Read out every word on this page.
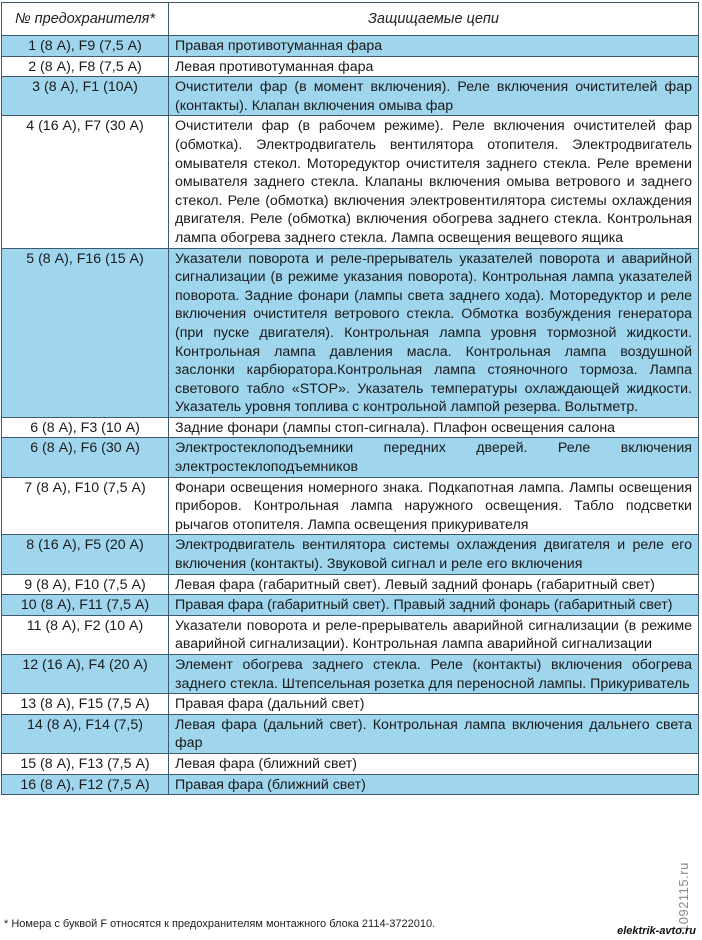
№ предохранителя*	Защищаемые цепи
1 (8 А), F9 (7,5 А)	Правая противотуманная фара
2 (8 А), F8 (7,5 А)	Левая противотуманная фара
3 (8 А), F1 (10А)	Очистители фар (в момент включения). Реле включения очистителей фар (контакты). Клапан включения омыва фар
4 (16 А), F7 (30 А)	Очистители фар (в рабочем режиме). Реле включения очистителей фар (обмотка). Электродвигатель вентилятора отопителя. Электродвигатель омывателя стекол. Моторедуктор очистителя заднего стекла. Реле времени омывателя заднего стекла. Клапаны включения омыва ветрового и заднего стекол. Реле (обмотка) включения электровентилятора системы охлаждения двигателя. Реле (обмотка) включения обогрева заднего стекла. Контрольная лампа обогрева заднего стекла. Лампа освещения вещевого ящика
5 (8 А), F16 (15 А)	Указатели поворота и реле-прерыватель указателей поворота и аварийной сигнализации (в режиме указания поворота). Контрольная лампа указателей поворота. Задние фонари (лампы света заднего хода). Моторедуктор и реле включения очистителя ветрового стекла. Обмотка возбуждения генератора (при пуске двигателя). Контрольная лампа уровня тормозной жидкости. Контрольная лампа давления масла. Контрольная лампа воздушной заслонки карбюратора.Контрольная лампа стояночного тормоза. Лампа светового табло «STOP». Указатель температуры охлаждающей жидкости. Указатель уровня топлива с контрольной лампой резерва. Вольтметр.
6 (8 А), F3 (10 А)	Задние фонари (лампы стоп-сигнала). Плафон освещения салона
6 (8 А), F6 (30 А)	Электростеклоподъемники передних дверей. Реле включения электростеклоподъемников
7 (8 А), F10 (7,5 А)	Фонари освещения номерного знака. Подкапотная лампа. Лампы освещения приборов. Контрольная лампа наружного освещения. Табло подсветки рычагов отопителя. Лампа освещения прикуривателя
8 (16 А), F5 (20 А)	Электродвигатель вентилятора системы охлаждения двигателя и реле его включения (контакты). Звуковой сигнал и реле его включения
9 (8 А), F10 (7,5 А)	Левая фара (габаритный свет). Левый задний фонарь (габаритный свет)
10 (8 А), F11 (7,5 А)	Правая фара (габаритный свет). Правый задний фонарь (габаритный свет)
11 (8 А), F2 (10 А)	Указатели поворота и реле-прерыватель аварийной сигнализации (в режиме аварийной сигнализации). Контрольная лампа аварийной сигнализации
12 (16 А), F4 (20 А)	Элемент обогрева заднего стекла. Реле (контакты) включения обогрева заднего стекла. Штепсельная розетка для переносной лампы. Прикуриватель
13 (8 А), F15 (7,5 А)	Правая фара (дальний свет)
14 (8 А), F14 (7,5)	Левая фара (дальний свет). Контрольная лампа включения дальнего света фар
15 (8 А), F13 (7,5 А)	Левая фара (ближний свет)
16 (8 А), F12 (7,5 А)	Правая фара (ближний свет)
* Номера с буквой F относятся к предохранителям монтажного блока 2114-3722010.	1092115.ru
elektrik-avto.ru
